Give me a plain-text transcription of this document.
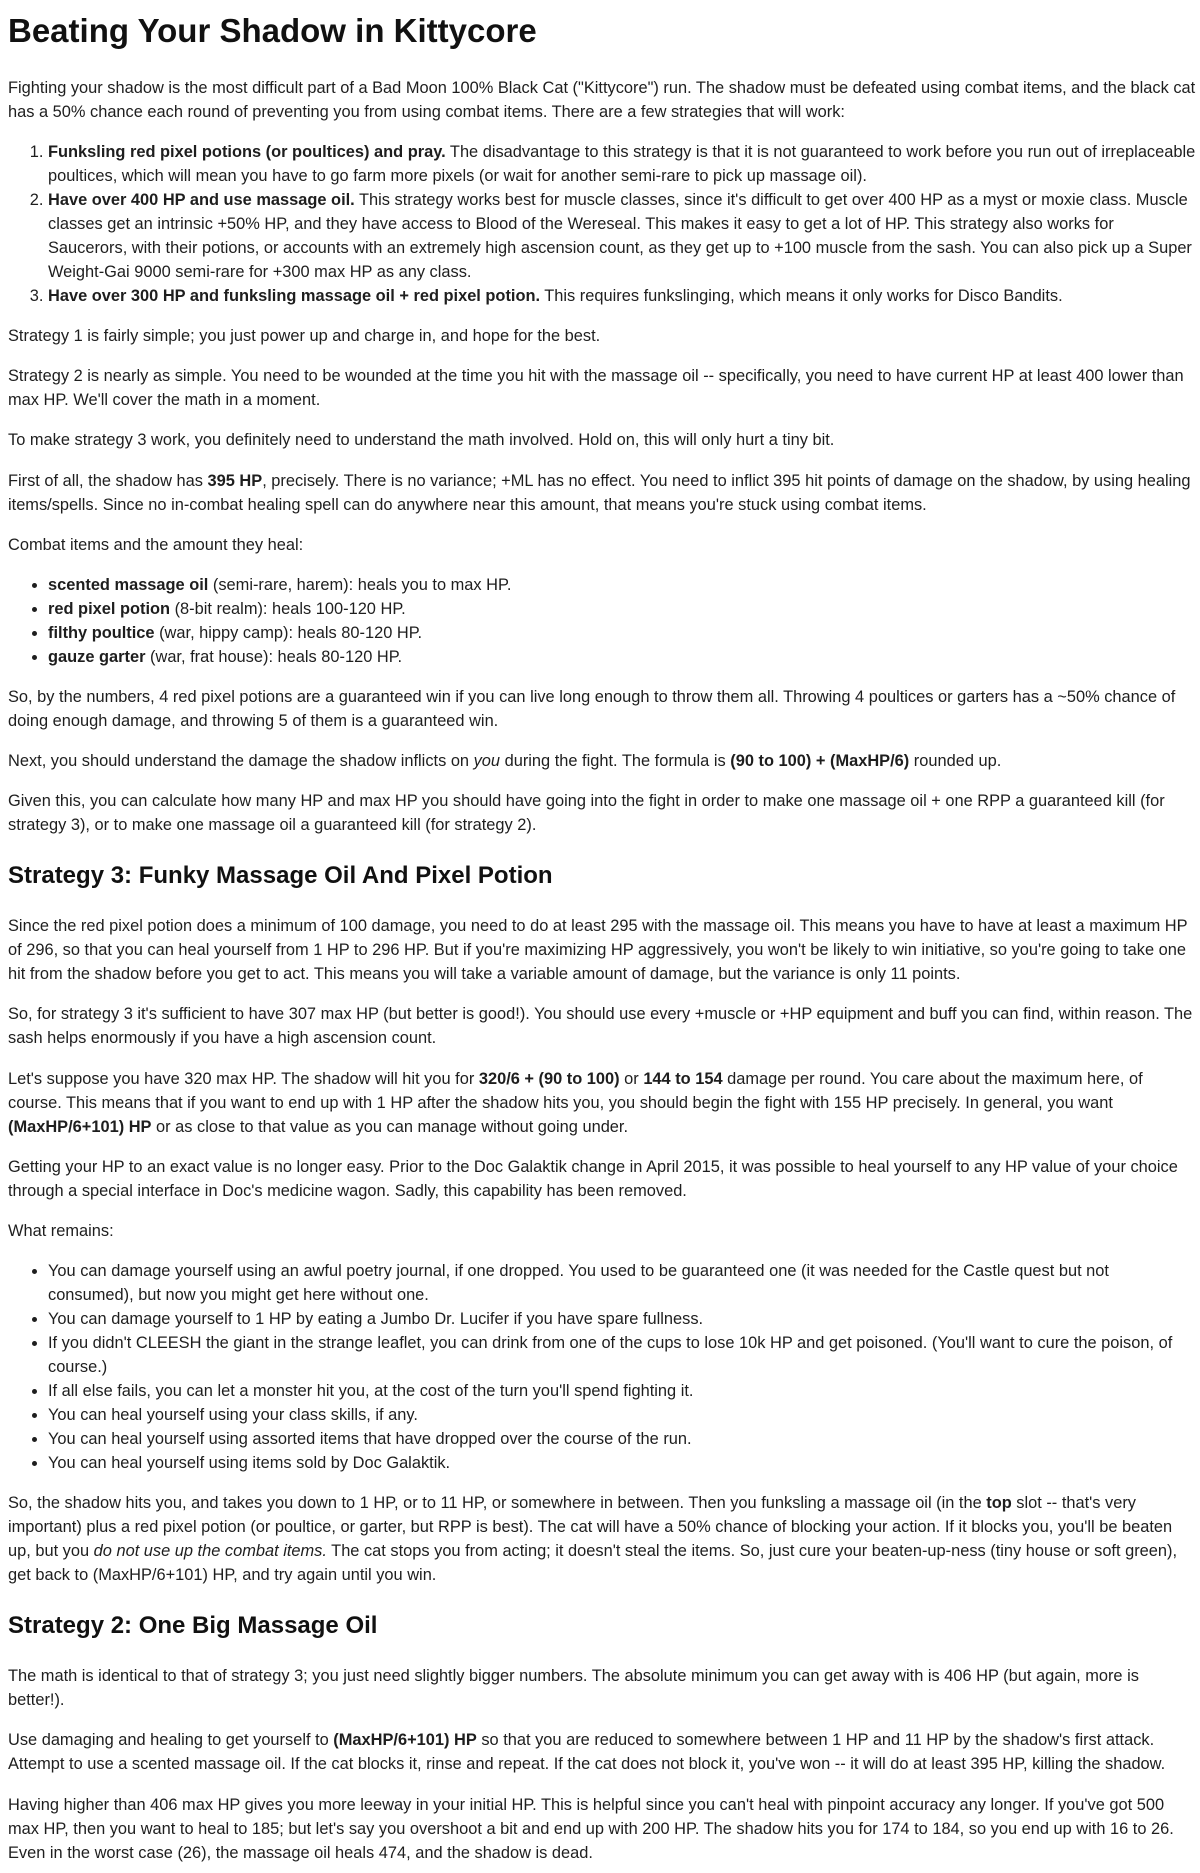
Beating Your Shadow in Kittycore

Fighting your shadow is the most difficult part of a Bad Moon 100% Black Cat ("Kittycore") run. The shadow must be defeated using combat items, and the black cat has a 50% chance each round of preventing you from using combat items. There are a few strategies that will work:

1. Funksling red pixel potions (or poultices) and pray. The disadvantage to this strategy is that it is not guaranteed to work before you run out of irreplaceable poultices, which will mean you have to go farm more pixels (or wait for another semi-rare to pick up massage oil).
2. Have over 400 HP and use massage oil. This strategy works best for muscle classes, since it's difficult to get over 400 HP as a myst or moxie class. Muscle classes get an intrinsic +50% HP, and they have access to Blood of the Wereseal. This makes it easy to get a lot of HP. This strategy also works for Saucerors, with their potions, or accounts with an extremely high ascension count, as they get up to +100 muscle from the sash. You can also pick up a Super Weight-Gai 9000 semi-rare for +300 max HP as any class.
3. Have over 300 HP and funksling massage oil + red pixel potion. This requires funkslinging, which means it only works for Disco Bandits.

Strategy 1 is fairly simple; you just power up and charge in, and hope for the best.

Strategy 2 is nearly as simple. You need to be wounded at the time you hit with the massage oil -- specifically, you need to have current HP at least 400 lower than max HP. We'll cover the math in a moment.

To make strategy 3 work, you definitely need to understand the math involved. Hold on, this will only hurt a tiny bit.

First of all, the shadow has 395 HP, precisely. There is no variance; +ML has no effect. You need to inflict 395 hit points of damage on the shadow, by using healing items/spells. Since no in-combat healing spell can do anywhere near this amount, that means you're stuck using combat items.

Combat items and the amount they heal:

• scented massage oil (semi-rare, harem): heals you to max HP.
• red pixel potion (8-bit realm): heals 100-120 HP.
• filthy poultice (war, hippy camp): heals 80-120 HP.
• gauze garter (war, frat house): heals 80-120 HP.

So, by the numbers, 4 red pixel potions are a guaranteed win if you can live long enough to throw them all. Throwing 4 poultices or garters has a ~50% chance of doing enough damage, and throwing 5 of them is a guaranteed win.

Next, you should understand the damage the shadow inflicts on you during the fight. The formula is (90 to 100) + (MaxHP/6) rounded up.

Given this, you can calculate how many HP and max HP you should have going into the fight in order to make one massage oil + one RPP a guaranteed kill (for strategy 3), or to make one massage oil a guaranteed kill (for strategy 2).

Strategy 3: Funky Massage Oil And Pixel Potion

Since the red pixel potion does a minimum of 100 damage, you need to do at least 295 with the massage oil. This means you have to have at least a maximum HP of 296, so that you can heal yourself from 1 HP to 296 HP. But if you're maximizing HP aggressively, you won't be likely to win initiative, so you're going to take one hit from the shadow before you get to act. This means you will take a variable amount of damage, but the variance is only 11 points.

So, for strategy 3 it's sufficient to have 307 max HP (but better is good!). You should use every +muscle or +HP equipment and buff you can find, within reason. The sash helps enormously if you have a high ascension count.

Let's suppose you have 320 max HP. The shadow will hit you for 320/6 + (90 to 100) or 144 to 154 damage per round. You care about the maximum here, of course. This means that if you want to end up with 1 HP after the shadow hits you, you should begin the fight with 155 HP precisely. In general, you want (MaxHP/6+101) HP or as close to that value as you can manage without going under.

Getting your HP to an exact value is no longer easy. Prior to the Doc Galaktik change in April 2015, it was possible to heal yourself to any HP value of your choice through a special interface in Doc's medicine wagon. Sadly, this capability has been removed.

What remains:

• You can damage yourself using an awful poetry journal, if one dropped. You used to be guaranteed one (it was needed for the Castle quest but not consumed), but now you might get here without one.
• You can damage yourself to 1 HP by eating a Jumbo Dr. Lucifer if you have spare fullness.
• If you didn't CLEESH the giant in the strange leaflet, you can drink from one of the cups to lose 10k HP and get poisoned. (You'll want to cure the poison, of course.)
• If all else fails, you can let a monster hit you, at the cost of the turn you'll spend fighting it.
• You can heal yourself using your class skills, if any.
• You can heal yourself using assorted items that have dropped over the course of the run.
• You can heal yourself using items sold by Doc Galaktik.

So, the shadow hits you, and takes you down to 1 HP, or to 11 HP, or somewhere in between. Then you funksling a massage oil (in the top slot -- that's very important) plus a red pixel potion (or poultice, or garter, but RPP is best). The cat will have a 50% chance of blocking your action. If it blocks you, you'll be beaten up, but you do not use up the combat items. The cat stops you from acting; it doesn't steal the items. So, just cure your beaten-up-ness (tiny house or soft green), get back to (MaxHP/6+101) HP, and try again until you win.

Strategy 2: One Big Massage Oil

The math is identical to that of strategy 3; you just need slightly bigger numbers. The absolute minimum you can get away with is 406 HP (but again, more is better!).

Use damaging and healing to get yourself to (MaxHP/6+101) HP so that you are reduced to somewhere between 1 HP and 11 HP by the shadow's first attack. Attempt to use a scented massage oil. If the cat blocks it, rinse and repeat. If the cat does not block it, you've won -- it will do at least 395 HP, killing the shadow.

Having higher than 406 max HP gives you more leeway in your initial HP. This is helpful since you can't heal with pinpoint accuracy any longer. If you've got 500 max HP, then you want to heal to 185; but let's say you overshoot a bit and end up with 200 HP. The shadow hits you for 174 to 184, so you end up with 16 to 26. Even in the worst case (26), the massage oil heals 474, and the shadow is dead.
